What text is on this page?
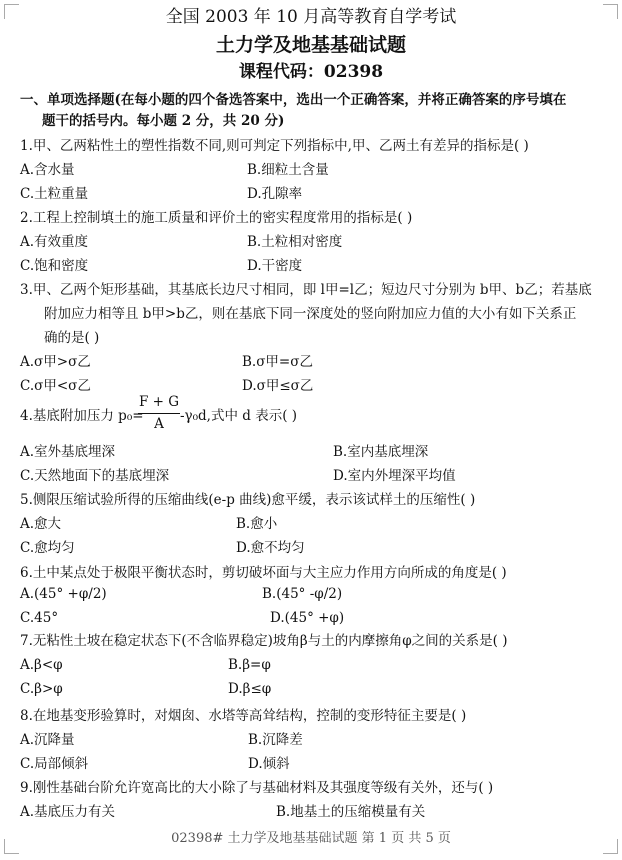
全国 2003 年 10 月高等教育自学考试
土力学及地基基础试题
课程代码：02398
一、单项选择题(在每小题的四个备选答案中，选出一个正确答案，并将正确答案的序号填在
题干的括号内。每小题 2 分，共 20 分)
1.甲、乙两粘性土的塑性指数不同,则可判定下列指标中,甲、乙两土有差异的指标是( )
A.含水量	B.细粒土含量
C.土粒重量	D.孔隙率
2.工程上控制填土的施工质量和评价土的密实程度常用的指标是( )
A.有效重度	B.土粒相对密度
C.饱和密度	D.干密度
3.甲、乙两个矩形基础，其基底长边尺寸相同，即 l甲=l乙；短边尺寸分别为 b甲、b乙；若基底
附加应力相等且 b甲>b乙，则在基底下同一深度处的竖向附加应力值的大小有如下关系正
确的是( )
A.σ甲>σ乙	B.σ甲=σ乙
C.σ甲<σ乙	D.σ甲≤σ乙
4.基底附加压力 p₀=
F + G
A	-γ₀d,式中 d 表示( )
A.室外基底埋深	B.室内基底埋深
C.天然地面下的基底埋深	D.室内外埋深平均值
5.侧限压缩试验所得的压缩曲线(e-p 曲线)愈平缓，表示该试样土的压缩性( )
A.愈大	B.愈小
C.愈均匀	D.愈不均匀
6.土中某点处于极限平衡状态时，剪切破坏面与大主应力作用方向所成的角度是( )
A.(45° +φ/2)	B.(45° -φ/2)
C.45°	D.(45° +φ)
7.无粘性土坡在稳定状态下(不含临界稳定)坡角β与土的内摩擦角φ之间的关系是( )
A.β<φ	B.β=φ
C.β>φ	D.β≤φ
8.在地基变形验算时，对烟囱、水塔等高耸结构，控制的变形特征主要是( )
A.沉降量	B.沉降差
C.局部倾斜	D.倾斜
9.刚性基础台阶允许宽高比的大小除了与基础材料及其强度等级有关外，还与( )
A.基底压力有关	B.地基土的压缩模量有关
02398# 土力学及地基基础试题 第 1 页 共 5 页
